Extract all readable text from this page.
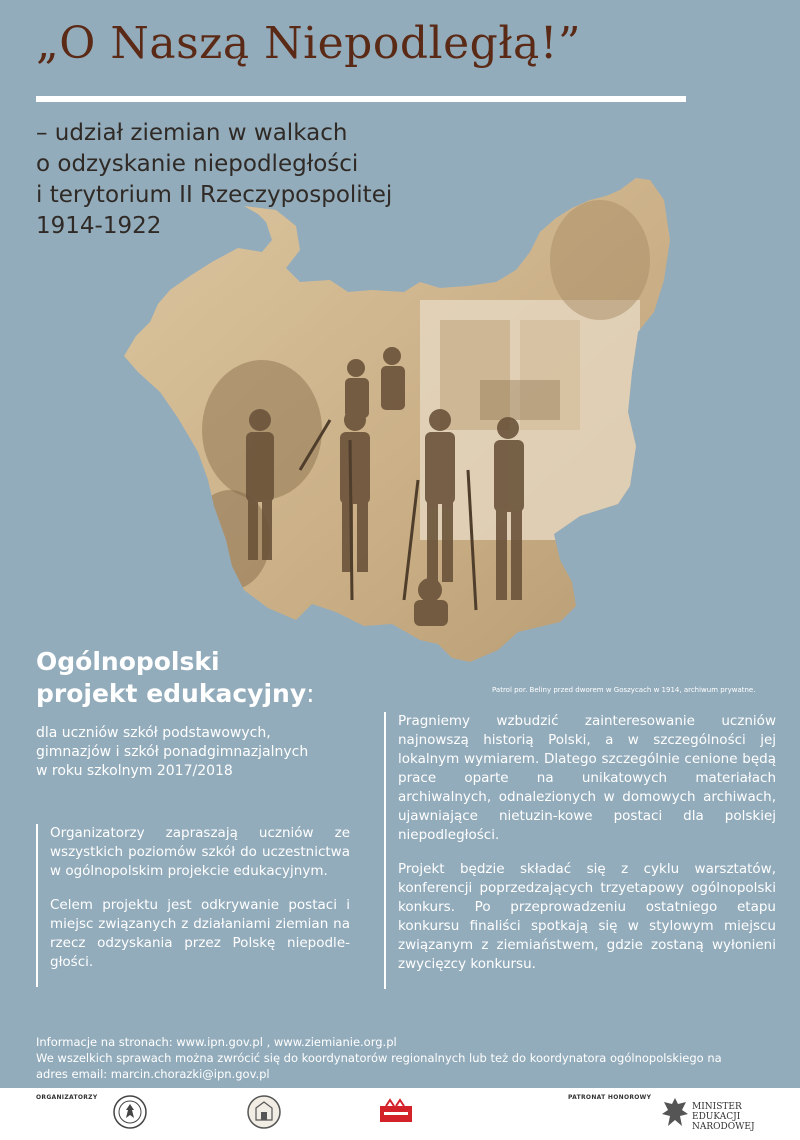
„O Naszą Niepodległą!”
– udział ziemian w walkach
o odzyskanie niepodległości
i terytorium II Rzeczypospolitej
1914-1922
Patrol por. Beliny przed dworem w Goszycach w 1914, archiwum prywatne.
Ogólnopolski
projekt edukacyjny:
dla uczniów szkół podstawowych,
gimnazjów i szkół ponadgimnazjalnych
w roku szkolnym 2017/2018

Organizatorzy zapraszają uczniów ze wszystkich poziomów szkół do uczestnictwa w ogólnopolskim projekcie edukacyjnym.

Celem projektu jest odkrywanie postaci i miejsc związanych z działaniami ziemian na rzecz odzyskania przez Polskę niepodle-głości.

Pragniemy wzbudzić zainteresowanie uczniów najnowszą historią Polski, a w szczególności jej lokalnym wymiarem. Dlatego szczególnie cenione będą prace oparte na unikatowych materiałach archiwalnych, odnalezionych w domowych archiwach, ujawniające nietuzin-kowe postaci dla polskiej niepodległości.

Projekt będzie składać się z cyklu warsztatów, konferencji poprzedzających trzyetapowy ogólnopolski konkurs. Po przeprowadzeniu ostatniego etapu konkursu finaliści spotkają się w stylowym miejscu związanym z ziemiaństwem, gdzie zostaną wyłonieni zwycięzcy konkursu.

Informacje na stronach: www.ipn.gov.pl , www.ziemianie.org.pl
We wszelkich sprawach można zwrócić się do koordynatorów regionalnych lub też do koordynatora ogólnopolskiego na
adres email: marcin.chorazki@ipn.gov.pl
ORGANIZATORZY	PATRONAT HONOROWY
MINISTER
EDUKACJI
NARODOWEJ
